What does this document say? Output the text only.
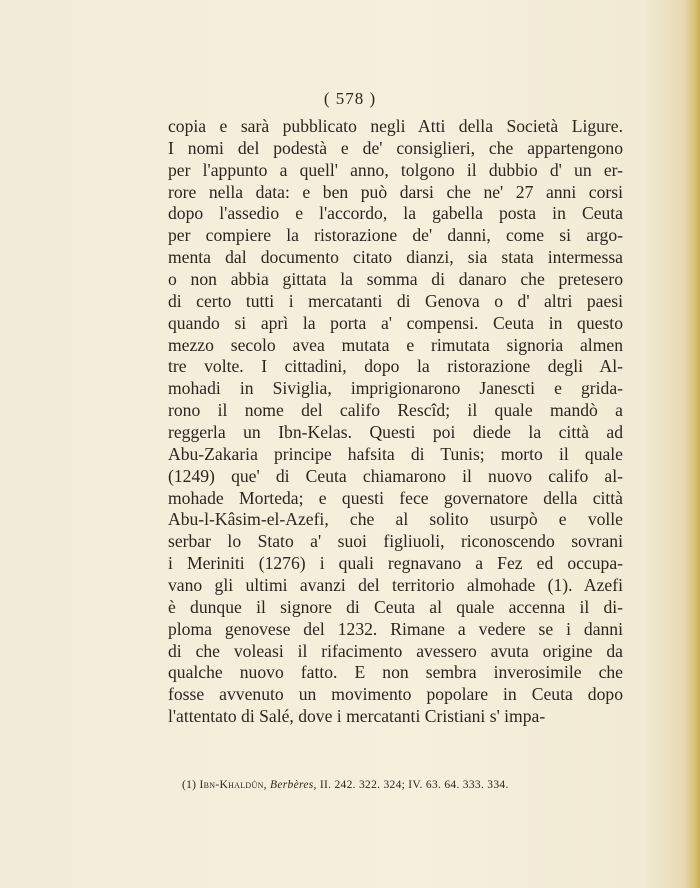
( 578 )
copia e sarà pubblicato negli Atti della Società Ligure.
I nomi del podestà e de' consiglieri, che appartengono
per l'appunto a quell' anno, tolgono il dubbio d' un er-
rore nella data: e ben può darsi che ne' 27 anni corsi
dopo l'assedio e l'accordo, la gabella posta in Ceuta
per compiere la ristorazione de' danni, come si argo-
menta dal documento citato dianzi, sia stata intermessa
o non abbia gittata la somma di danaro che pretesero
di certo tutti i mercatanti di Genova o d' altri paesi
quando si aprì la porta a' compensi. Ceuta in questo
mezzo secolo avea mutata e rimutata signoria almen
tre volte. I cittadini, dopo la ristorazione degli Al-
mohadi in Siviglia, imprigionarono Janesctі e grida-
rono il nome del califo Rescîd; il quale mandò a
reggerla un Ibn-Kelas. Questi poi diede la città ad
Abu-Zakaria principe hafsita di Tunis; morto il quale
(1249) que' di Ceuta chiamarono il nuovo califo al-
mohade Morteda; e questi fece governatore della città
Abu-l-Kâsim-el-Azefi, che al solito usurpò e volle
serbar lo Stato a' suoi figliuoli, riconoscendo sovrani
i Meriniti (1276) i quali regnavano a Fez ed occupa-
vano gli ultimi avanzi del territorio almohade (1). Azefi
è dunque il signore di Ceuta al quale accenna il di-
ploma genovese del 1232. Rimane a vedere se i danni
di che voleasi il rifacimento avessero avuta origine da
qualche nuovo fatto. E non sembra inverosimile che
fosse avvenuto un movimento popolare in Ceuta dopo
l'attentato di Salé, dove i mercatanti Cristiani s' impa-
(1) Ibn-Khaldûn, Berbères, II. 242. 322. 324; IV. 63. 64. 333. 334.
